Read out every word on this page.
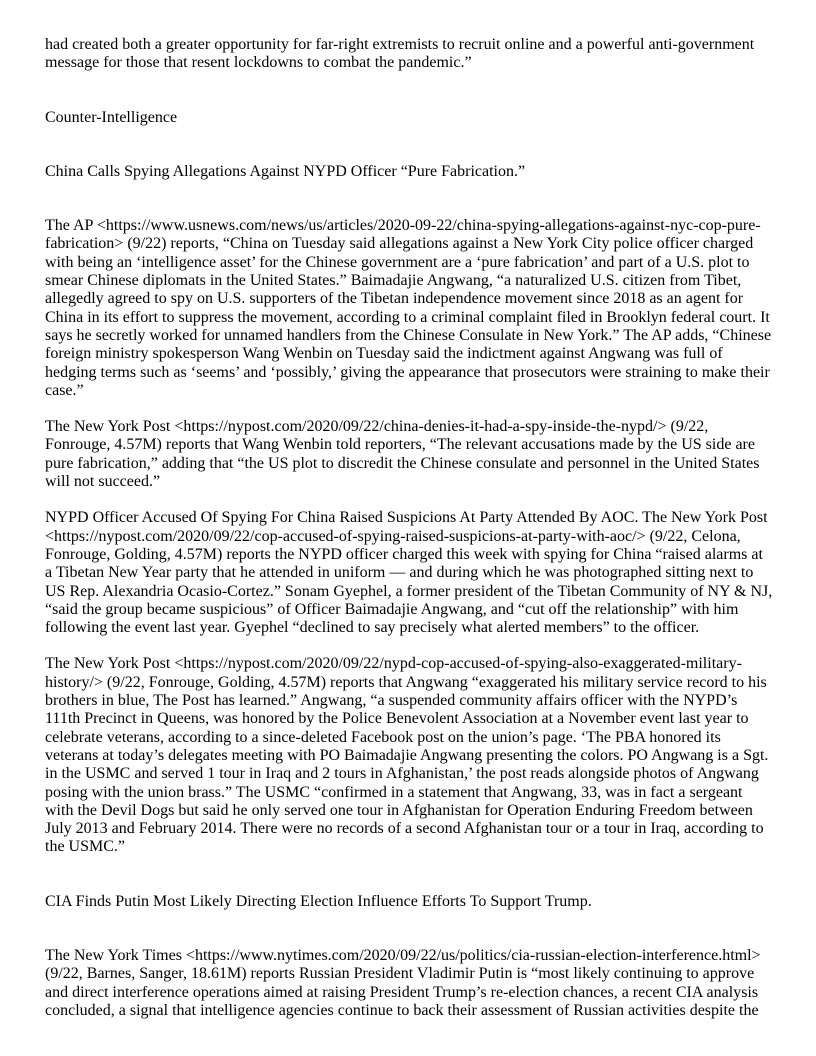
had created both a greater opportunity for far-right extremists to recruit online and a powerful anti-government message for those that resent lockdowns to combat the pandemic.”

Counter-Intelligence

China Calls Spying Allegations Against NYPD Officer “Pure Fabrication.”

The AP <https://www.usnews.com/news/us/articles/2020-09-22/china-spying-allegations-against-nyc-cop-pure-fabrication> (9/22) reports, “China on Tuesday said allegations against a New York City police officer charged with being an ‘intelligence asset’ for the Chinese government are a ‘pure fabrication’ and part of a U.S. plot to smear Chinese diplomats in the United States.” Baimadajie Angwang, “a naturalized U.S. citizen from Tibet, allegedly agreed to spy on U.S. supporters of the Tibetan independence movement since 2018 as an agent for China in its effort to suppress the movement, according to a criminal complaint filed in Brooklyn federal court. It says he secretly worked for unnamed handlers from the Chinese Consulate in New York.” The AP adds, “Chinese foreign ministry spokesperson Wang Wenbin on Tuesday said the indictment against Angwang was full of hedging terms such as ‘seems’ and ‘possibly,’ giving the appearance that prosecutors were straining to make their case.”

The New York Post <https://nypost.com/2020/09/22/china-denies-it-had-a-spy-inside-the-nypd/> (9/22, Fonrouge, 4.57M) reports that Wang Wenbin told reporters, “The relevant accusations made by the US side are pure fabrication,” adding that “the US plot to discredit the Chinese consulate and personnel in the United States will not succeed.”

NYPD Officer Accused Of Spying For China Raised Suspicions At Party Attended By AOC. The New York Post <https://nypost.com/2020/09/22/cop-accused-of-spying-raised-suspicions-at-party-with-aoc/> (9/22, Celona, Fonrouge, Golding, 4.57M) reports the NYPD officer charged this week with spying for China “raised alarms at a Tibetan New Year party that he attended in uniform — and during which he was photographed sitting next to US Rep. Alexandria Ocasio-Cortez.” Sonam Gyephel, a former president of the Tibetan Community of NY & NJ, “said the group became suspicious” of Officer Baimadajie Angwang, and “cut off the relationship” with him following the event last year. Gyephel “declined to say precisely what alerted members” to the officer.

The New York Post <https://nypost.com/2020/09/22/nypd-cop-accused-of-spying-also-exaggerated-military-history/> (9/22, Fonrouge, Golding, 4.57M) reports that Angwang “exaggerated his military service record to his brothers in blue, The Post has learned.” Angwang, “a suspended community affairs officer with the NYPD’s 111th Precinct in Queens, was honored by the Police Benevolent Association at a November event last year to celebrate veterans, according to a since-deleted Facebook post on the union’s page. ‘The PBA honored its veterans at today’s delegates meeting with PO Baimadajie Angwang presenting the colors. PO Angwang is a Sgt. in the USMC and served 1 tour in Iraq and 2 tours in Afghanistan,’ the post reads alongside photos of Angwang posing with the union brass.” The USMC “confirmed in a statement that Angwang, 33, was in fact a sergeant with the Devil Dogs but said he only served one tour in Afghanistan for Operation Enduring Freedom between July 2013 and February 2014. There were no records of a second Afghanistan tour or a tour in Iraq, according to the USMC.”

CIA Finds Putin Most Likely Directing Election Influence Efforts To Support Trump.

The New York Times <https://www.nytimes.com/2020/09/22/us/politics/cia-russian-election-interference.html> (9/22, Barnes, Sanger, 18.61M) reports Russian President Vladimir Putin is “most likely continuing to approve and direct interference operations aimed at raising President Trump’s re-election chances, a recent CIA analysis concluded, a signal that intelligence agencies continue to back their assessment of Russian activities despite the
